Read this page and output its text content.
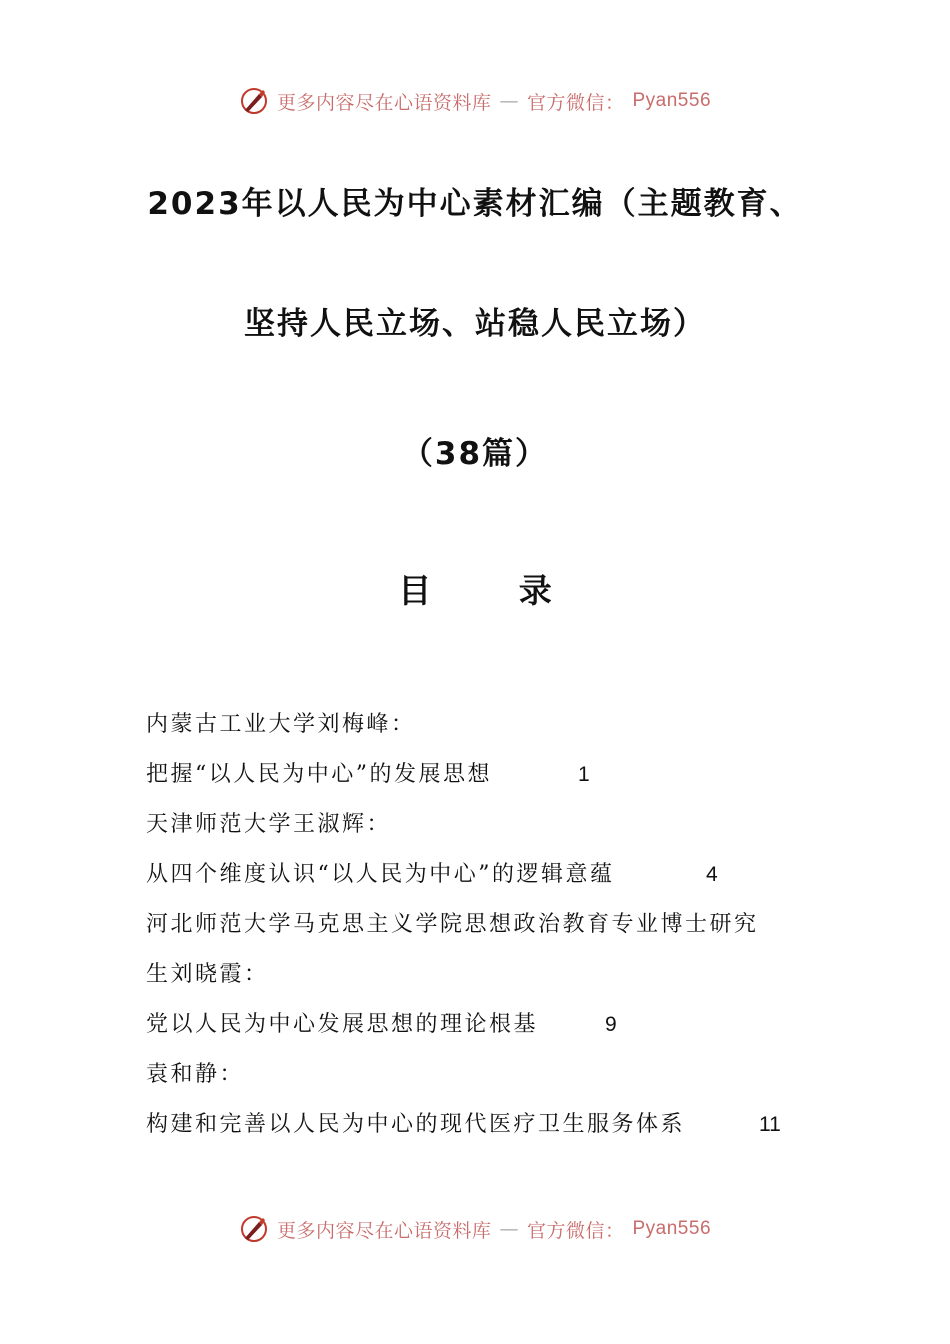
更多内容尽在心语资料库 — 官方微信： Pyan556
2023年以人民为中心素材汇编（主题教育、
坚持人民立场、站稳人民立场）
（38篇）
目 录
内蒙古工业大学刘梅峰：
把握“以人民为中心”的发展思想	1
天津师范大学王淑辉：
从四个维度认识“以人民为中心”的逻辑意蕴	4
河北师范大学马克思主义学院思想政治教育专业博士研究
生刘晓霞：
党以人民为中心发展思想的理论根基	9
袁和静：
构建和完善以人民为中心的现代医疗卫生服务体系	11
更多内容尽在心语资料库 — 官方微信： Pyan556
